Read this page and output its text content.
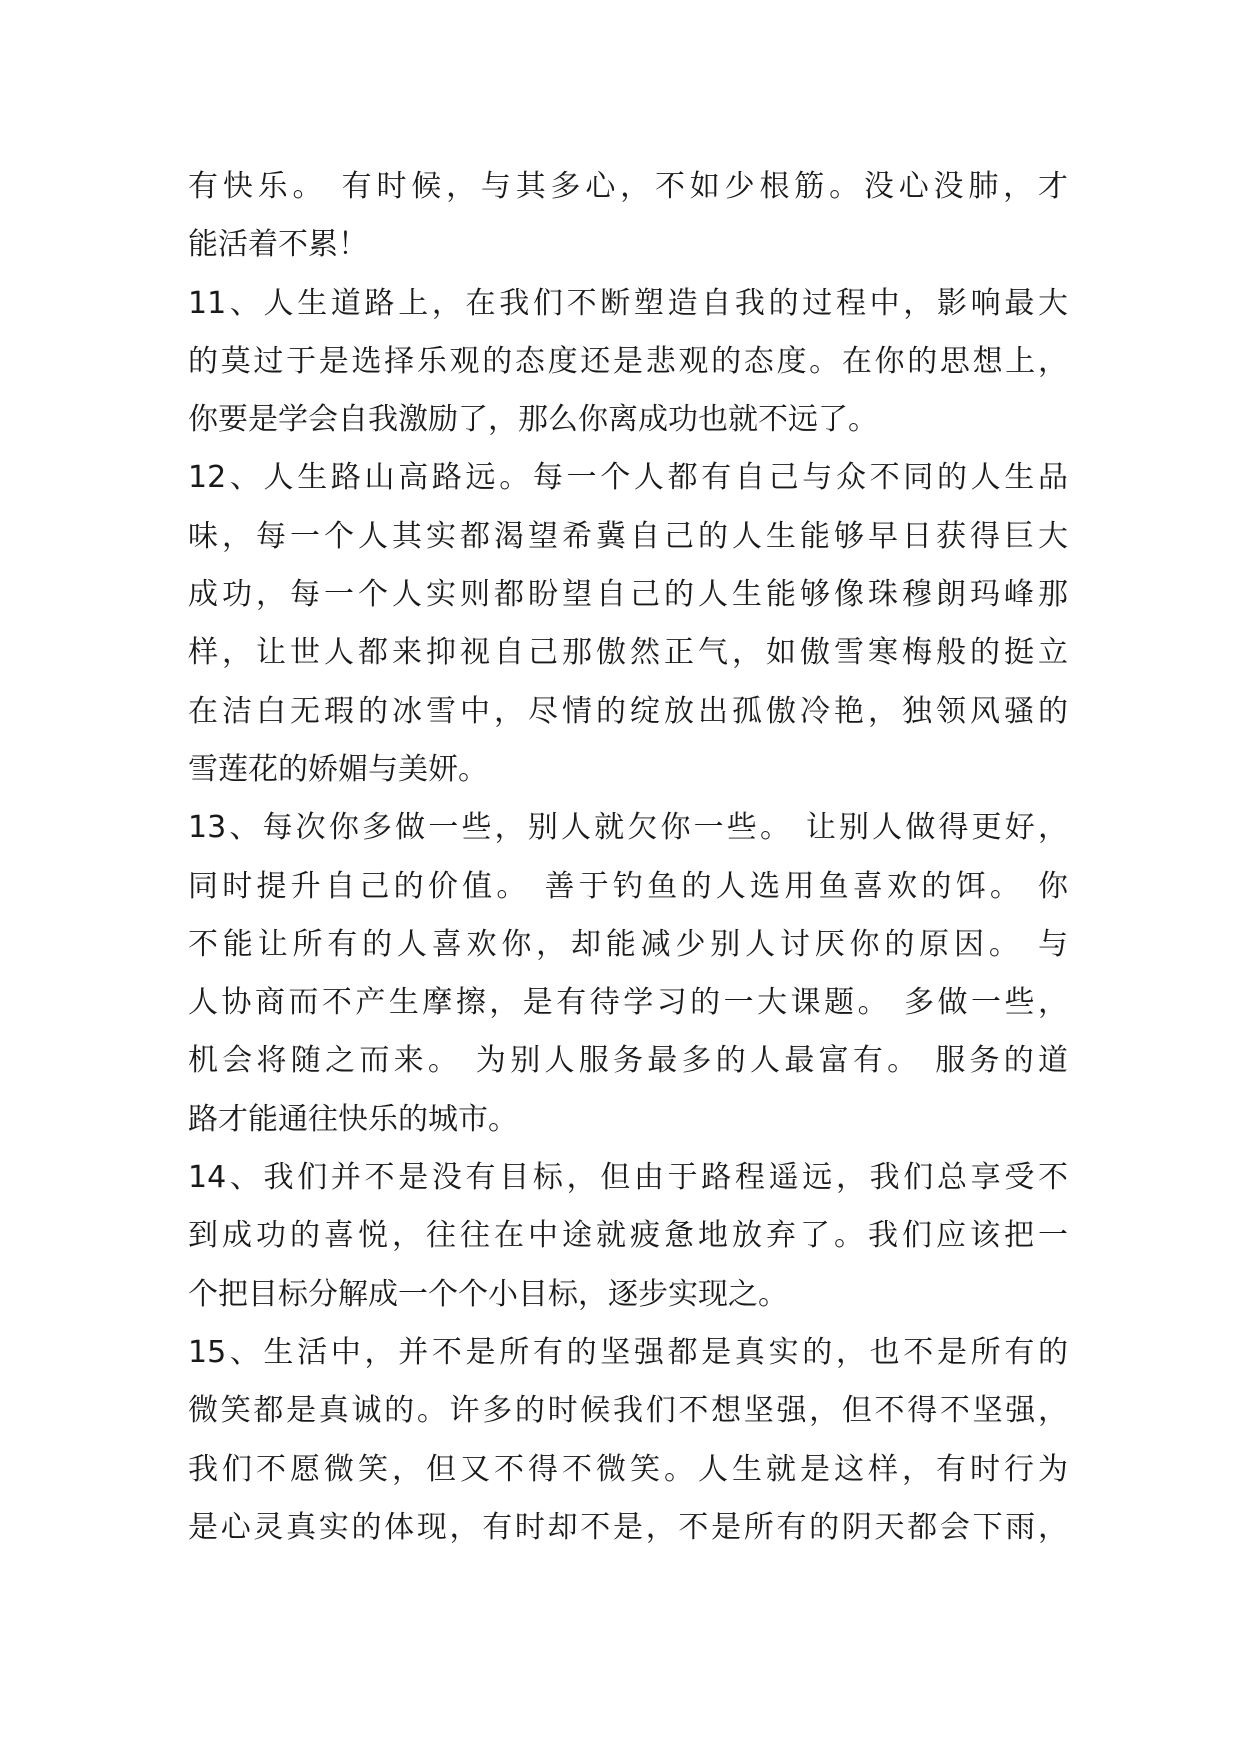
有快乐。 有时候，与其多心，不如少根筋。没心没肺，才
能活着不累！
11、人生道路上，在我们不断塑造自我的过程中，影响最大
的莫过于是选择乐观的态度还是悲观的态度。在你的思想上，
你要是学会自我激励了，那么你离成功也就不远了。
12、人生路山高路远。每一个人都有自己与众不同的人生品
味，每一个人其实都渴望希冀自己的人生能够早日获得巨大
成功，每一个人实则都盼望自己的人生能够像珠穆朗玛峰那
样，让世人都来抑视自己那傲然正气，如傲雪寒梅般的挺立
在洁白无瑕的冰雪中，尽情的绽放出孤傲冷艳，独领风骚的
雪莲花的娇媚与美妍。
13、每次你多做一些，别人就欠你一些。 让别人做得更好，
同时提升自己的价值。 善于钓鱼的人选用鱼喜欢的饵。 你
不能让所有的人喜欢你，却能减少别人讨厌你的原因。 与
人协商而不产生摩擦，是有待学习的一大课题。 多做一些，
机会将随之而来。 为别人服务最多的人最富有。 服务的道
路才能通往快乐的城市。
14、我们并不是没有目标，但由于路程遥远，我们总享受不
到成功的喜悦，往往在中途就疲惫地放弃了。我们应该把一
个把目标分解成一个个小目标，逐步实现之。
15、生活中，并不是所有的坚强都是真实的，也不是所有的
微笑都是真诚的。许多的时候我们不想坚强，但不得不坚强，
我们不愿微笑，但又不得不微笑。人生就是这样，有时行为
是心灵真实的体现，有时却不是，不是所有的阴天都会下雨，
